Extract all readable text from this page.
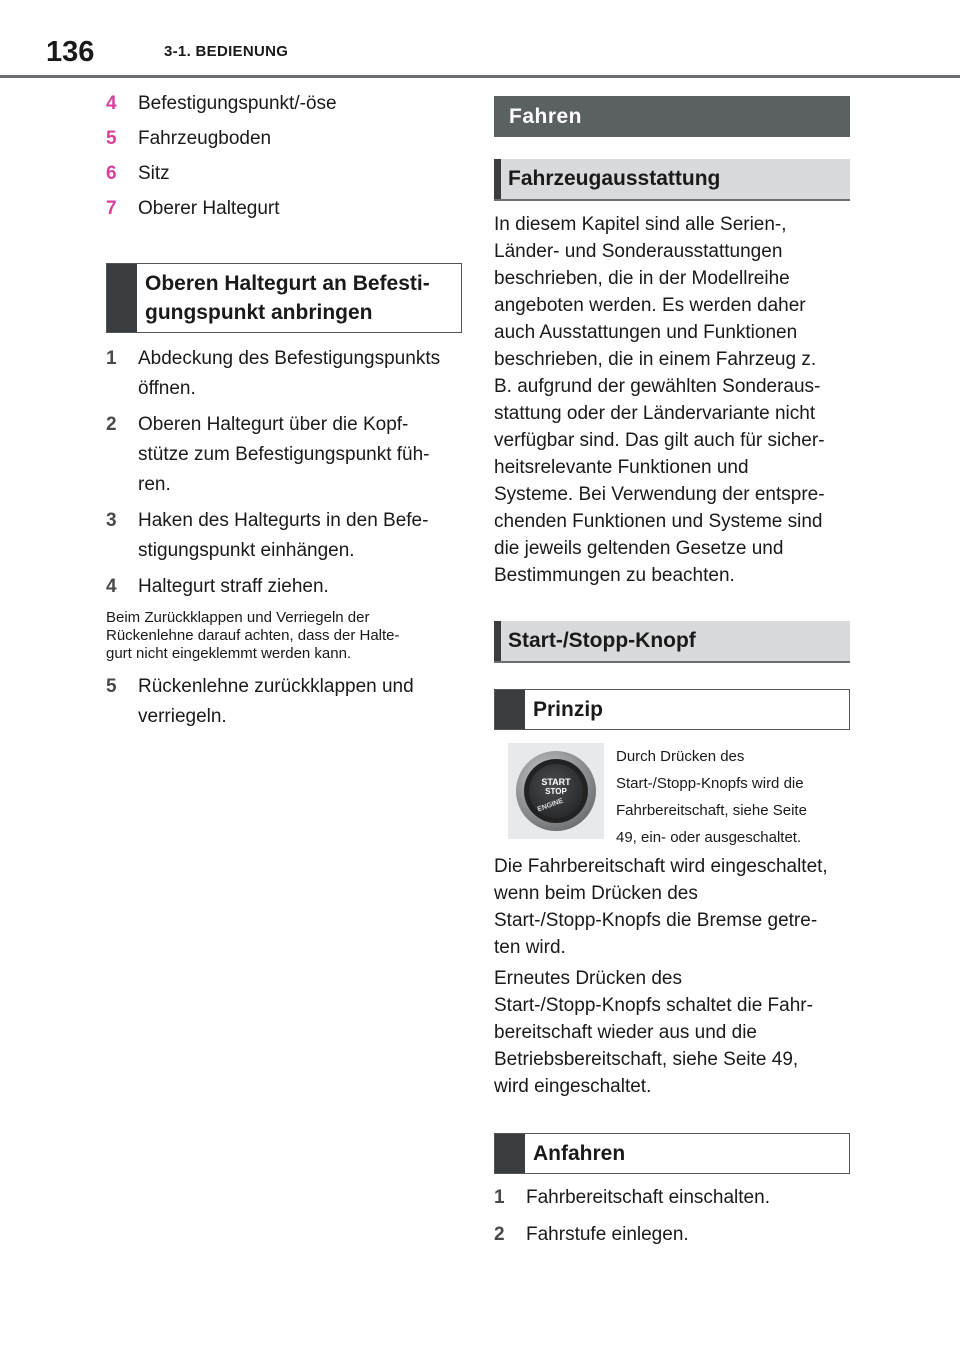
136	3-1. BEDIENUNG
4 Befestigungspunkt/-öse
5 Fahrzeugboden
6 Sitz
7 Oberer Haltegurt
Oberen Haltegurt an Befesti-
gungspunkt anbringen
1 Abdeckung des Befestigungspunkts
öffnen.
2 Oberen Haltegurt über die Kopf-
stütze zum Befestigungspunkt füh-
ren.
3 Haken des Haltegurts in den Befe-
stigungspunkt einhängen.
4 Haltegurt straff ziehen.
Beim Zurückklappen und Verriegeln der
Rückenlehne darauf achten, dass der Halte-
gurt nicht eingeklemmt werden kann.
5 Rückenlehne zurückklappen und
verriegeln.
Fahren
Fahrzeugausstattung
In diesem Kapitel sind alle Serien-,
Länder- und Sonderausstattungen
beschrieben, die in der Modellreihe
angeboten werden. Es werden daher
auch Ausstattungen und Funktionen
beschrieben, die in einem Fahrzeug z.
B. aufgrund der gewählten Sonderaus-
stattung oder der Ländervariante nicht
verfügbar sind. Das gilt auch für sicher-
heitsrelevante Funktionen und
Systeme. Bei Verwendung der entspre-
chenden Funktionen und Systeme sind
die jeweils geltenden Gesetze und
Bestimmungen zu beachten.
Start-/Stopp-Knopf
Prinzip
START
STOP
ENGINE
Durch Drücken des
Start-/Stopp-Knopfs wird die
Fahrbereitschaft, siehe Seite
49, ein- oder ausgeschaltet.
Die Fahrbereitschaft wird eingeschaltet,
wenn beim Drücken des
Start-/Stopp-Knopfs die Bremse getre-
ten wird.
Erneutes Drücken des
Start-/Stopp-Knopfs schaltet die Fahr-
bereitschaft wieder aus und die
Betriebsbereitschaft, siehe Seite 49,
wird eingeschaltet.
Anfahren
1 Fahrbereitschaft einschalten.
2 Fahrstufe einlegen.
